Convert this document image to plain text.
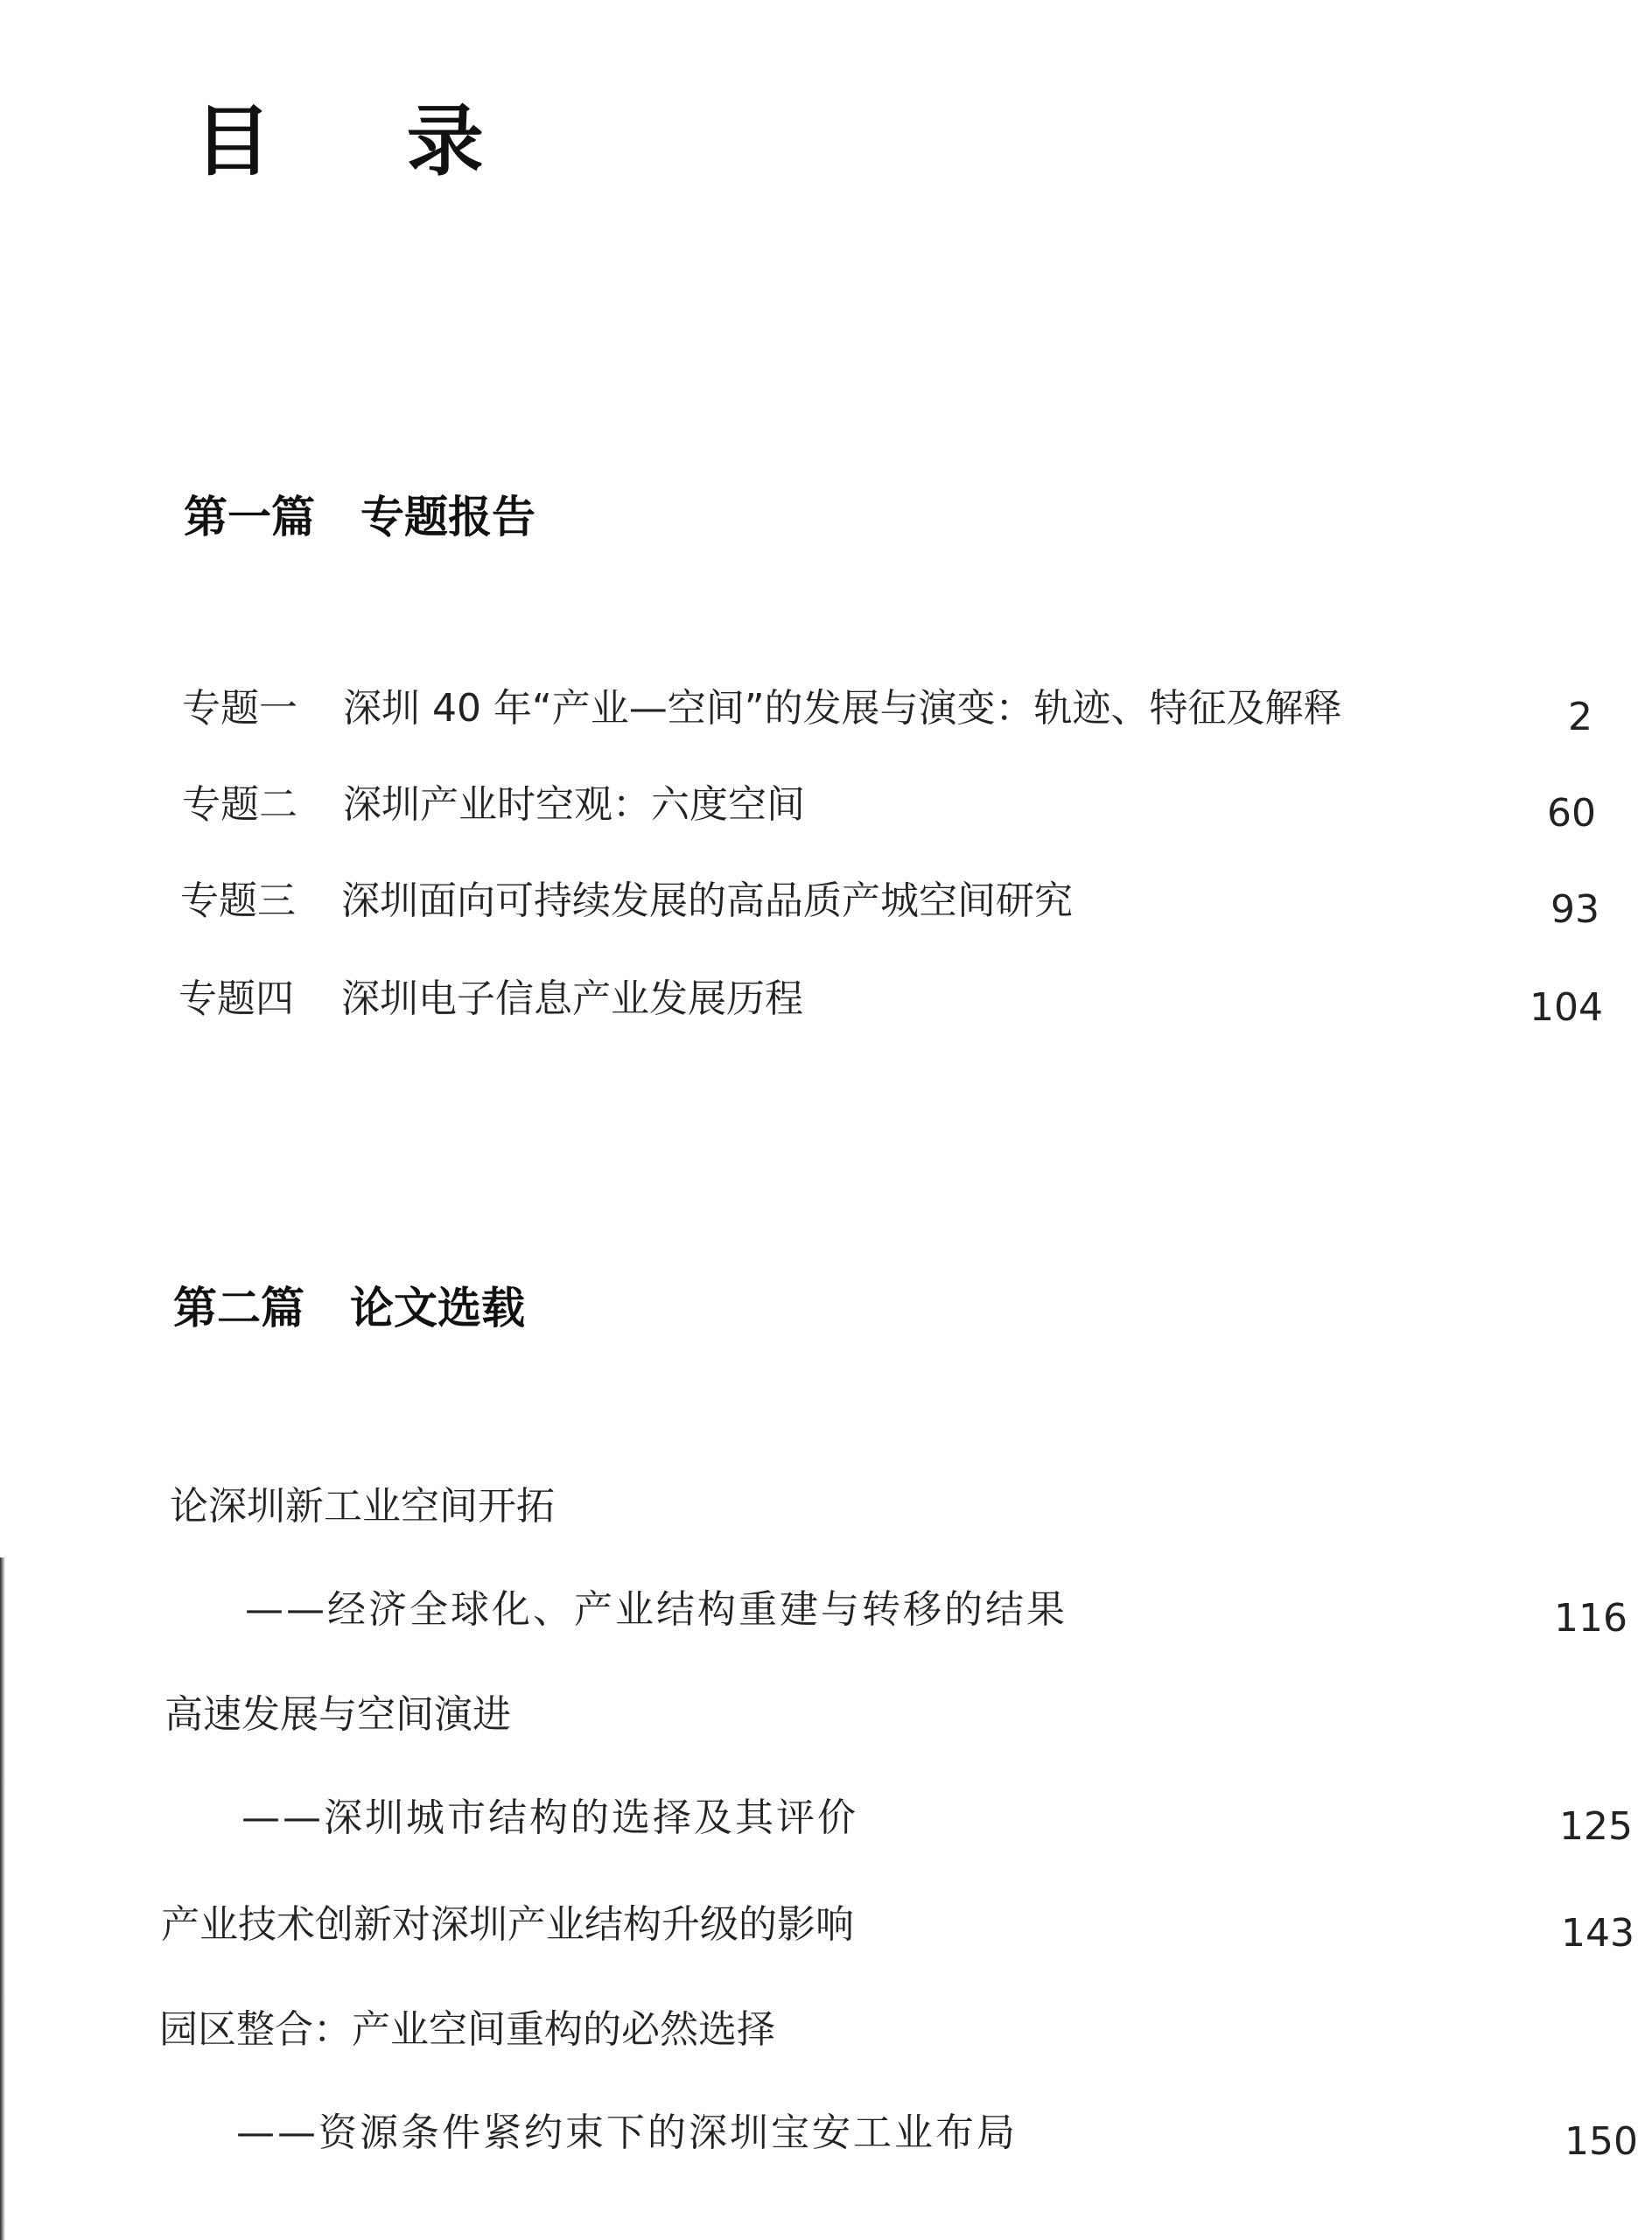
目 录
第一篇 专题报告
专题一 深圳 40 年“产业—空间”的发展与演变：轨迹、特征及解释	2
专题二 深圳产业时空观：六度空间	60
专题三 深圳面向可持续发展的高品质产城空间研究	93
专题四 深圳电子信息产业发展历程	104
第二篇 论文选载
论深圳新工业空间开拓
——经济全球化、产业结构重建与转移的结果	116
高速发展与空间演进
——深圳城市结构的选择及其评价	125
产业技术创新对深圳产业结构升级的影响	143
园区整合：产业空间重构的必然选择
——资源条件紧约束下的深圳宝安工业布局	150
